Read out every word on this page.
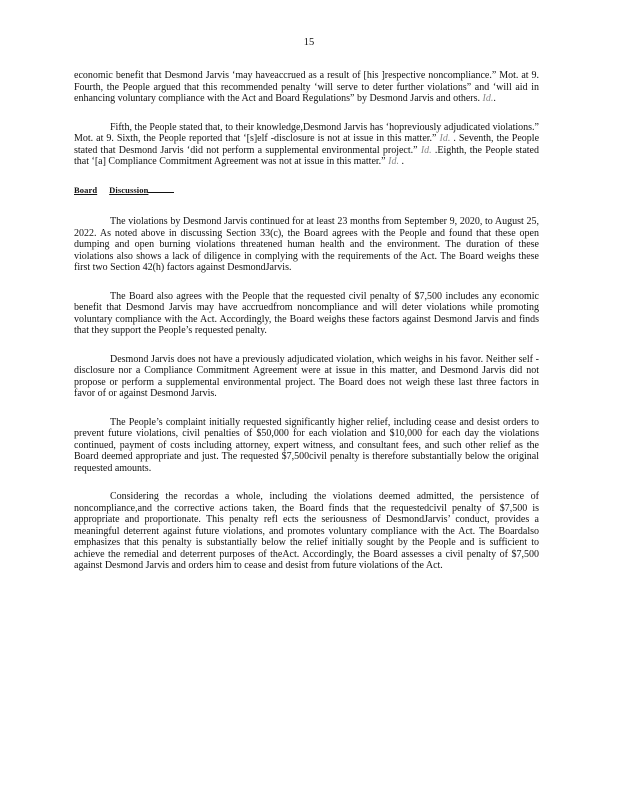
15

economic benefit that Desmond Jarvis ‘may haveaccrued as a result of [his ]respective noncompliance.” Mot. at 9. Fourth, the People argued that this recommended penalty ‘will serve to deter further violations” and ‘will aid in enhancing voluntary compliance with the Act and Board Regulations” by Desmond Jarvis and others. Id..

Fifth, the People stated that, to their knowledge,Desmond Jarvis has ‘hopreviously adjudicated violations.” Mot. at 9. Sixth, the People reported that ‘[s]elf -disclosure is not at issue in this matter.” Id. . Seventh, the People stated that Desmond Jarvis ‘did not perform a supplemental environmental project.” Id. .Eighth, the People stated that ‘[a] Compliance Commitment Agreement was not at issue in this matter.” Id. .

Board Discussion

The violations by Desmond Jarvis continued for at least 23 months from September 9, 2020, to August 25, 2022. As noted above in discussing Section 33(c), the Board agrees with the People and found that these open dumping and open burning violations threatened human health and the environment. The duration of these violations also shows a lack of diligence in complying with the requirements of the Act. The Board weighs these first two Section 42(h) factors against DesmondJarvis.

The Board also agrees with the People that the requested civil penalty of $7,500 includes any economic benefit that Desmond Jarvis may have accruedfrom noncompliance and will deter violations while promoting voluntary compliance with the Act. Accordingly, the Board weighs these factors against Desmond Jarvis and finds that they support the People’s requested penalty.

Desmond Jarvis does not have a previously adjudicated violation, which weighs in his favor. Neither self -disclosure nor a Compliance Commitment Agreement were at issue in this matter, and Desmond Jarvis did not propose or perform a supplemental environmental project. The Board does not weigh these last three factors in favor of or against Desmond Jarvis.

The People’s complaint initially requested significantly higher relief, including cease and desist orders to prevent future violations, civil penalties of $50,000 for each violation and $10,000 for each day the violations continued, payment of costs including attorney, expert witness, and consultant fees, and such other relief as the Board deemed appropriate and just. The requested $7,500civil penalty is therefore substantially below the original requested amounts.

Considering the recordas a whole, including the violations deemed admitted, the persistence of noncompliance,and the corrective actions taken, the Board finds that the requestedcivil penalty of $7,500 is appropriate and proportionate. This penalty refl ects the seriousness of DesmondJarvis’ conduct, provides a meaningful deterrent against future violations, and promotes voluntary compliance with the Act. The Boardalso emphasizes that this penalty is substantially below the relief initially sought by the People and is sufficient to achieve the remedial and deterrent purposes of theAct. Accordingly, the Board assesses a civil penalty of $7,500 against Desmond Jarvis and orders him to cease and desist from future violations of the Act.
